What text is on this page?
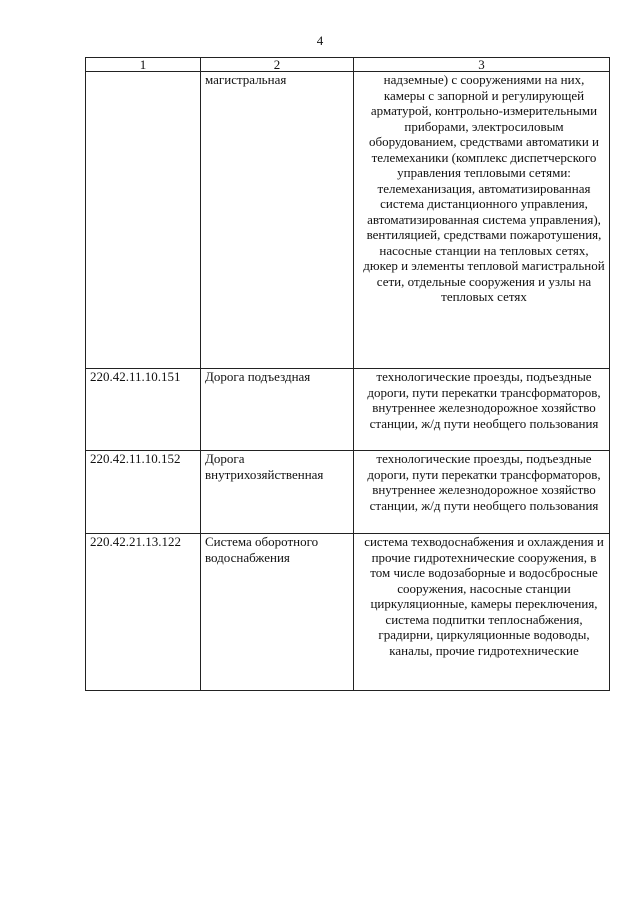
4
1	2	3
	магистральная	надземные) с сооружениями на них, камеры с запорной и регулирующей арматурой, контрольно-измерительными приборами, электросиловым оборудованием, средствами автоматики и телемеханики (комплекс диспетчерского управления тепловыми сетями: телемеханизация, автоматизированная система дистанционного управления, автоматизированная система управления), вентиляцией, средствами пожаротушения, насосные станции на тепловых сетях, дюкер и элементы тепловой магистральной сети, отдельные сооружения и узлы на тепловых сетях
220.42.11.10.151	Дорога подъездная	технологические проезды, подъездные дороги, пути перекатки трансформаторов, внутреннее железнодорожное хозяйство станции, ж/д пути необщего пользования
220.42.11.10.152	Дорога внутрихозяйственная	технологические проезды, подъездные дороги, пути перекатки трансформаторов, внутреннее железнодорожное хозяйство станции, ж/д пути необщего пользования
220.42.21.13.122	Система оборотного водоснабжения	система техводоснабжения и охлаждения и прочие гидротехнические сооружения, в том числе водозаборные и водосбросные сооружения, насосные станции циркуляционные, камеры переключения, система подпитки теплоснабжения, градирни, циркуляционные водоводы, каналы, прочие гидротехнические
